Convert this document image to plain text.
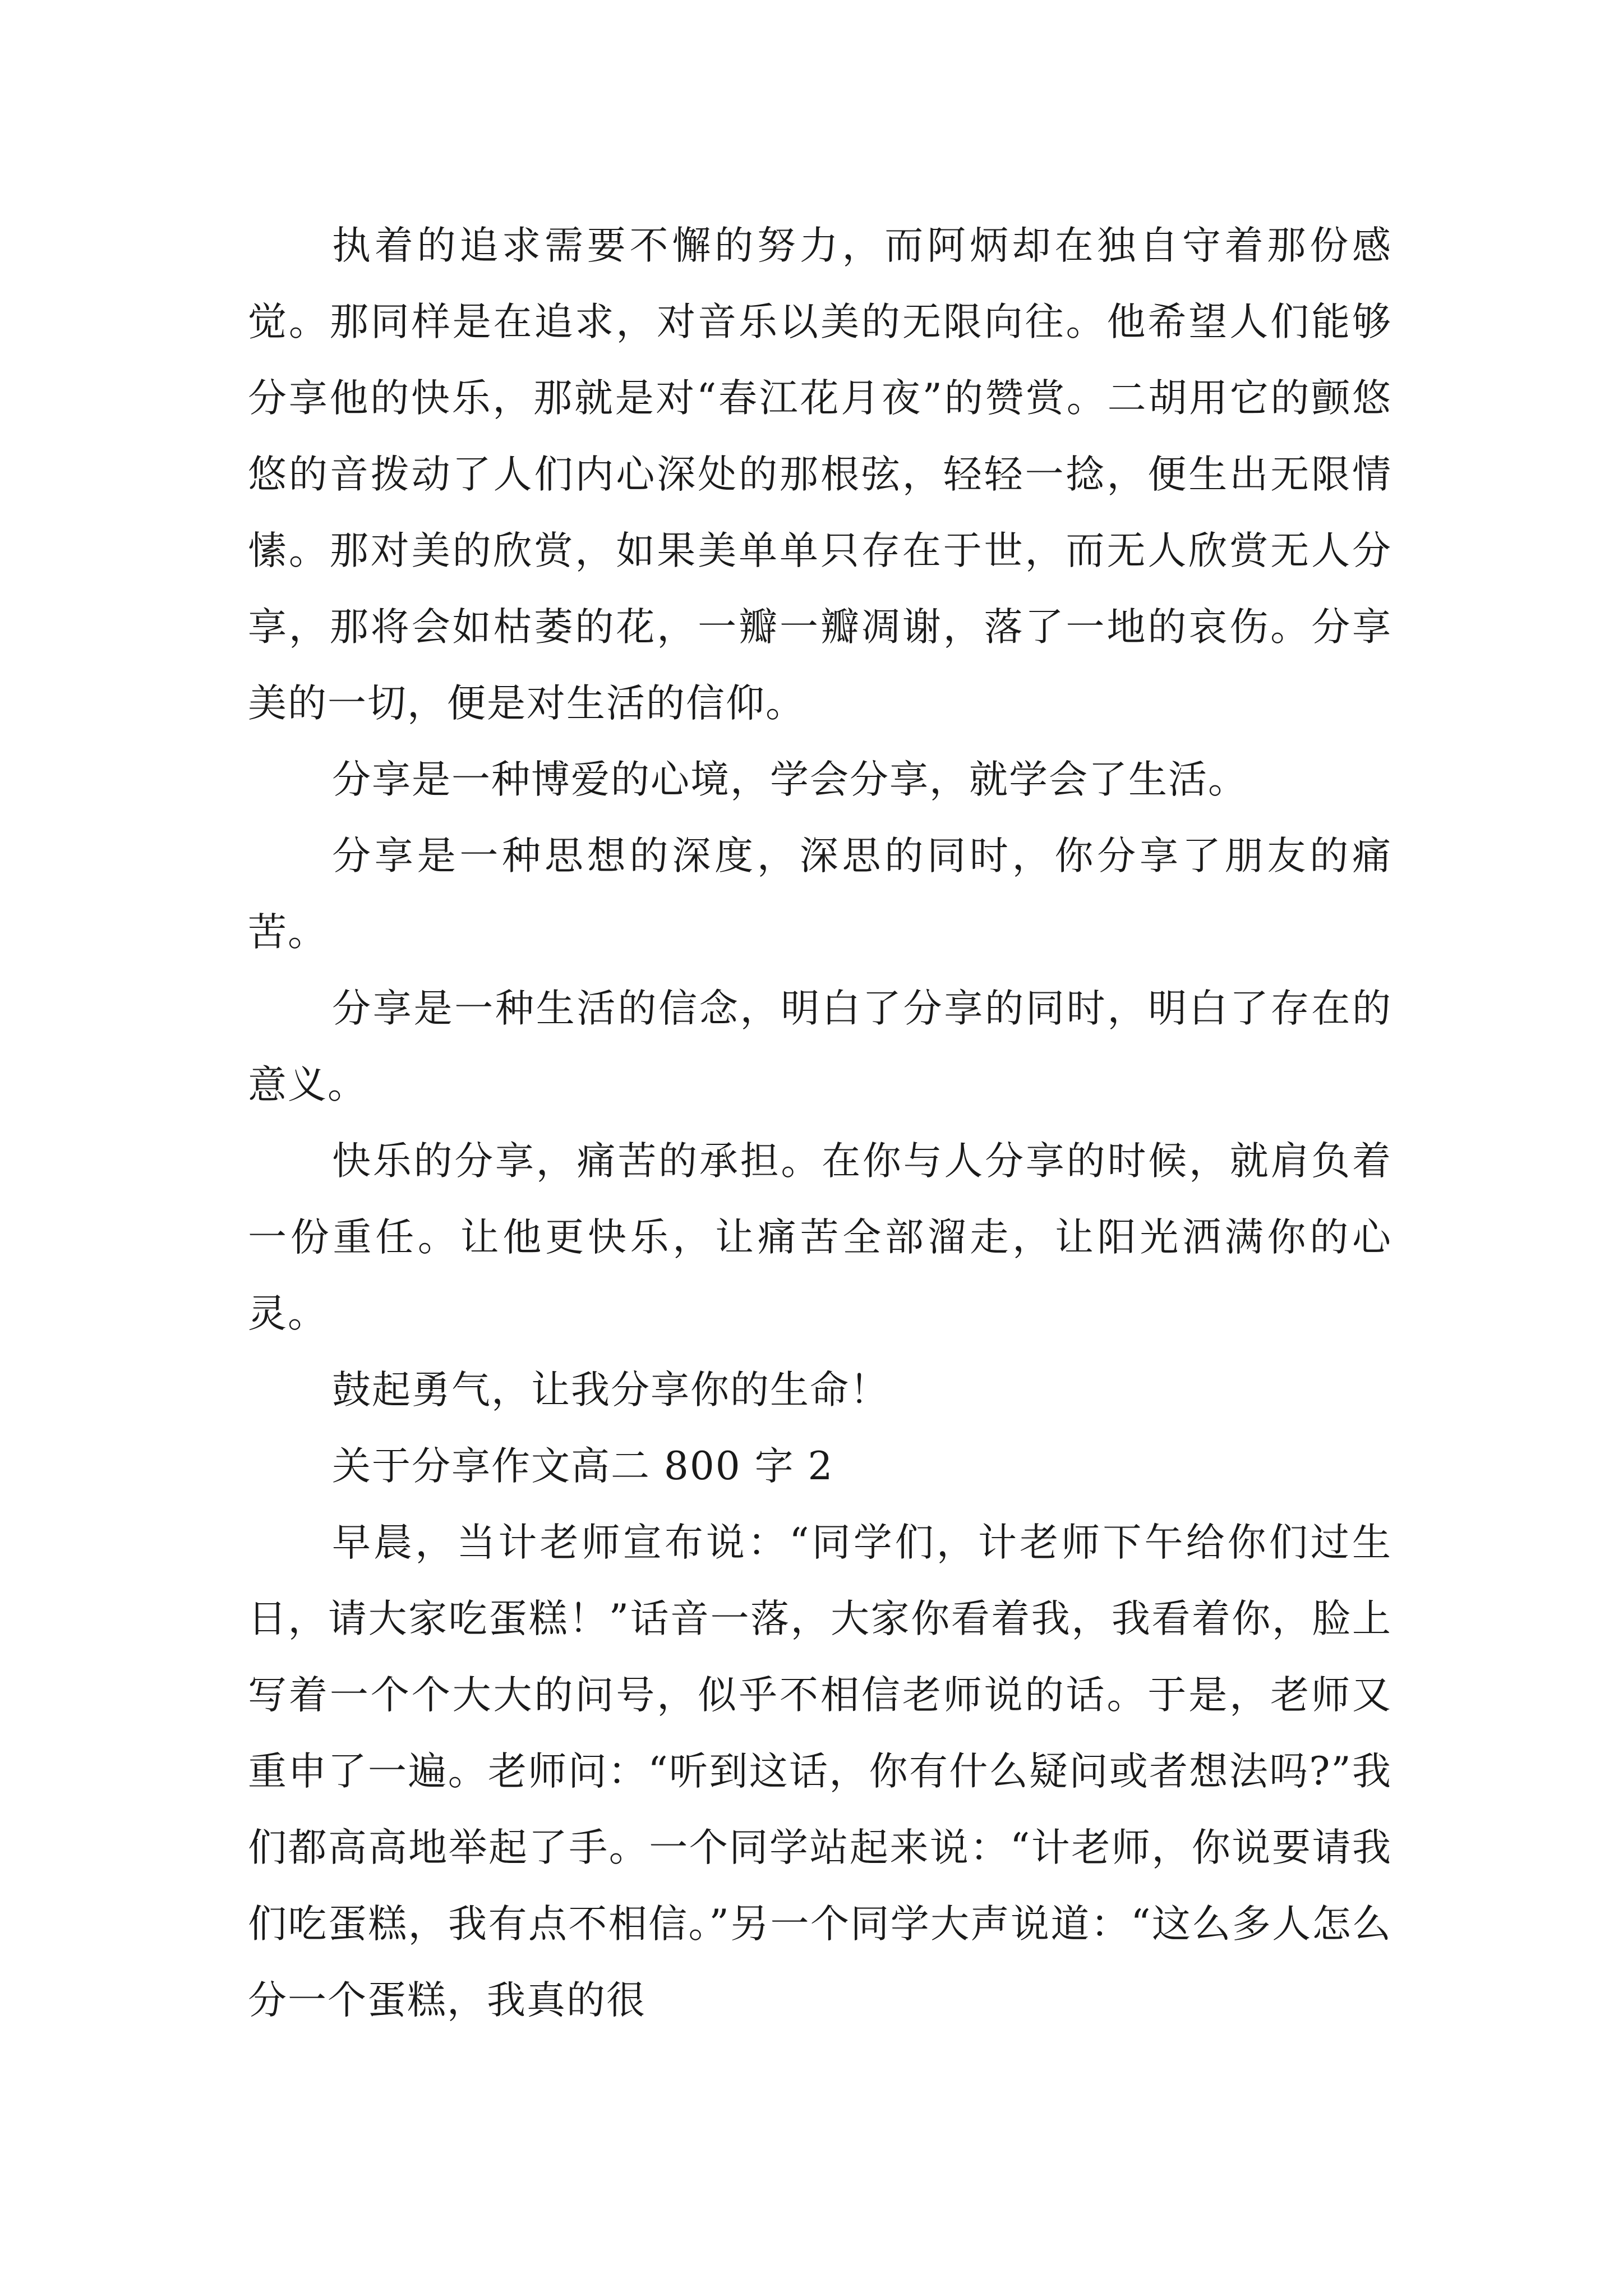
执着的追求需要不懈的努力，而阿炳却在独自守着那份感觉。那同样是在追求，对音乐以美的无限向往。他希望人们能够分享他的快乐，那就是对“春江花月夜”的赞赏。二胡用它的颤悠悠的音拨动了人们内心深处的那根弦，轻轻一捻，便生出无限情愫。那对美的欣赏，如果美单单只存在于世，而无人欣赏无人分享，那将会如枯萎的花，一瓣一瓣凋谢，落了一地的哀伤。分享美的一切，便是对生活的信仰。

分享是一种博爱的心境，学会分享，就学会了生活。

分享是一种思想的深度，深思的同时，你分享了朋友的痛苦。

分享是一种生活的信念，明白了分享的同时，明白了存在的意义。

快乐的分享，痛苦的承担。在你与人分享的时候，就肩负着一份重任。让他更快乐，让痛苦全部溜走，让阳光洒满你的心灵。

鼓起勇气，让我分享你的生命！

关于分享作文高二 800 字 2

早晨，当计老师宣布说：“同学们，计老师下午给你们过生日，请大家吃蛋糕！”话音一落，大家你看着我，我看着你，脸上写着一个个大大的问号，似乎不相信老师说的话。于是，老师又重申了一遍。老师问：“听到这话，你有什么疑问或者想法吗?”我们都高高地举起了手。一个同学站起来说：“计老师，你说要请我们吃蛋糕，我有点不相信。”另一个同学大声说道：“这么多人怎么分一个蛋糕，我真的很
